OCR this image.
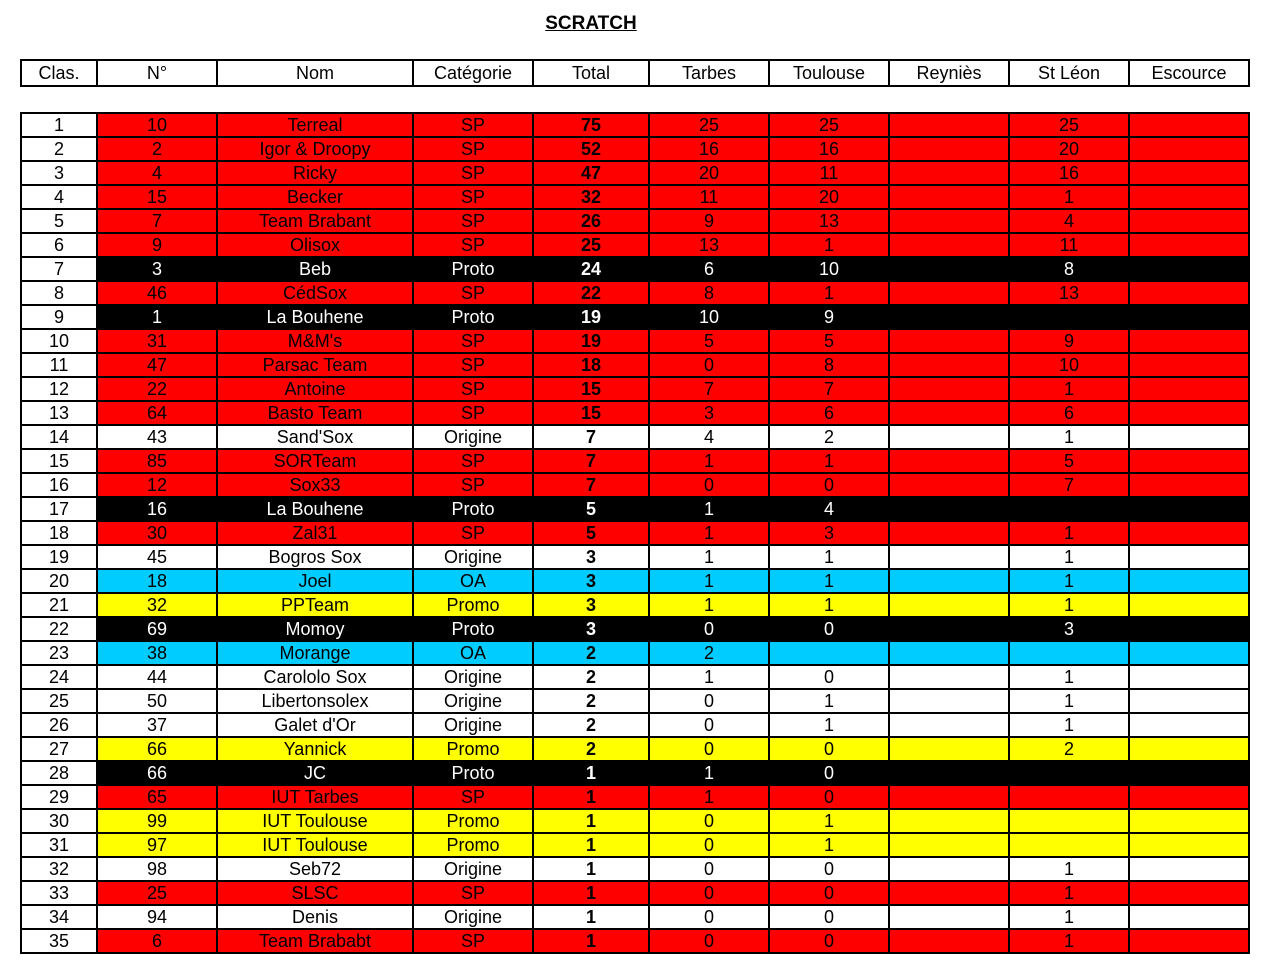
SCRATCH
Clas.	N°	Nom	Catégorie	Total	Tarbes	Toulouse	Reyniès	St Léon	Escource
1	10	Terreal	SP	75	25	25		25	
2	2	Igor & Droopy	SP	52	16	16		20	
3	4	Ricky	SP	47	20	11		16	
4	15	Becker	SP	32	11	20		1	
5	7	Team Brabant	SP	26	9	13		4	
6	9	Olisox	SP	25	13	1		11	
7	3	Beb	Proto	24	6	10		8	
8	46	CédSox	SP	22	8	1		13	
9	1	La Bouhene	Proto	19	10	9			
10	31	M&M's	SP	19	5	5		9	
11	47	Parsac Team	SP	18	0	8		10	
12	22	Antoine	SP	15	7	7		1	
13	64	Basto Team	SP	15	3	6		6	
14	43	Sand'Sox	Origine	7	4	2		1	
15	85	SORTeam	SP	7	1	1		5	
16	12	Sox33	SP	7	0	0		7	
17	16	La Bouhene	Proto	5	1	4			
18	30	Zal31	SP	5	1	3		1	
19	45	Bogros Sox	Origine	3	1	1		1	
20	18	Joel	OA	3	1	1		1	
21	32	PPTeam	Promo	3	1	1		1	
22	69	Momoy	Proto	3	0	0		3	
23	38	Morange	OA	2	2				
24	44	Carololo Sox	Origine	2	1	0		1	
25	50	Libertonsolex	Origine	2	0	1		1	
26	37	Galet d'Or	Origine	2	0	1		1	
27	66	Yannick	Promo	2	0	0		2	
28	66	JC	Proto	1	1	0			
29	65	IUT Tarbes	SP	1	1	0			
30	99	IUT Toulouse	Promo	1	0	1			
31	97	IUT Toulouse	Promo	1	0	1			
32	98	Seb72	Origine	1	0	0		1	
33	25	SLSC	SP	1	0	0		1	
34	94	Denis	Origine	1	0	0		1	
35	6	Team Brababt	SP	1	0	0		1	
